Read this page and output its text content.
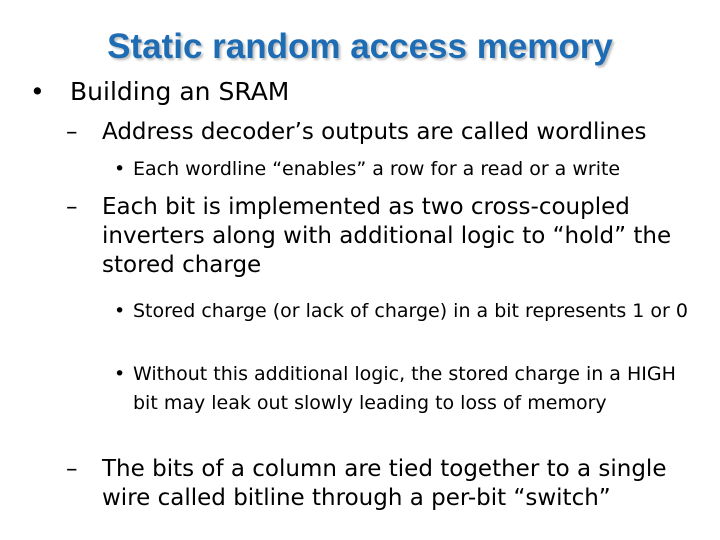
Static random access memory
• Building an SRAM
– Address decoder’s outputs are called wordlines
• Each wordline “enables” a row for a read or a write
– Each bit is implemented as two cross-coupled inverters along with additional logic to “hold” the stored charge
• Stored charge (or lack of charge) in a bit represents 1 or 0
• Without this additional logic, the stored charge in a HIGH bit may leak out slowly leading to loss of memory
– The bits of a column are tied together to a single wire called bitline through a per-bit “switch”
